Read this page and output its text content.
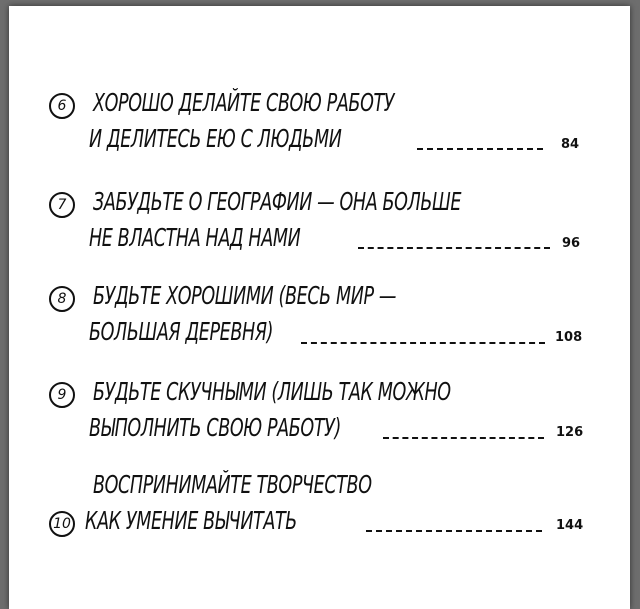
6	ХОРОШО ДЕЛАЙТЕ СВОЮ РАБОТУ
И ДЕЛИТЕСЬ ЕЮ С ЛЮДЬМИ	84
7	ЗАБУДЬТЕ О ГЕОГРАФИИ — ОНА БОЛЬШЕ
НЕ ВЛАСТНА НАД НАМИ	96
8	БУДЬТЕ ХОРОШИМИ (ВЕСЬ МИР —
БОЛЬШАЯ ДЕРЕВНЯ)	108
9	БУДЬТЕ СКУЧНЫМИ (ЛИШЬ ТАК МОЖНО
ВЫПОЛНИТЬ СВОЮ РАБОТУ)	126
10
ВОСПРИНИМАЙТЕ ТВОРЧЕСТВО
КАК УМЕНИЕ ВЫЧИТАТЬ	144
